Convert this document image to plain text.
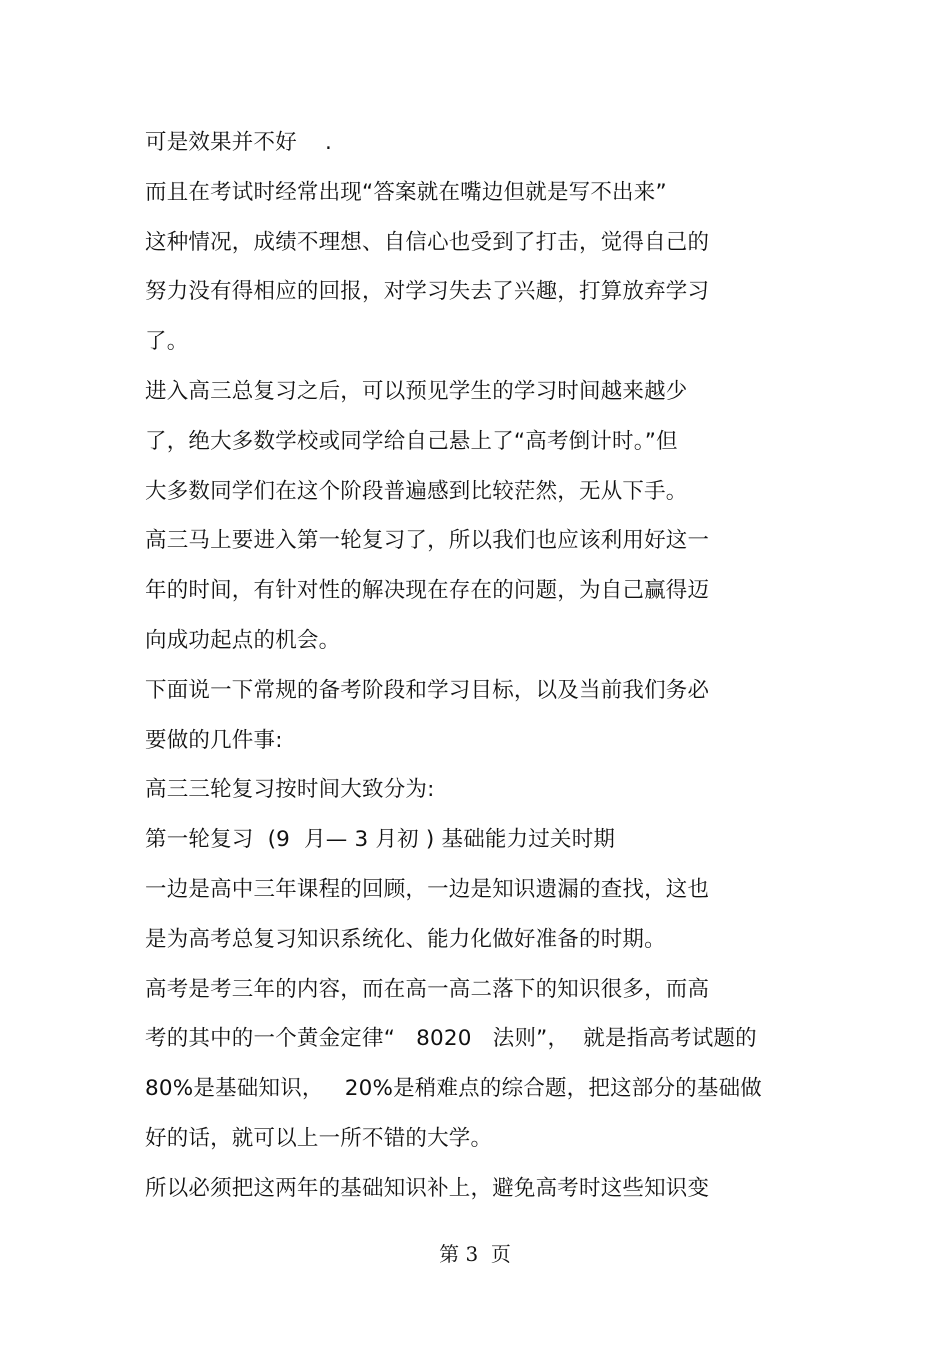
可是效果并不好    .
而且在考试时经常出现“答案就在嘴边但就是写不出来”
这种情况，成绩不理想、自信心也受到了打击，觉得自己的
努力没有得相应的回报，对学习失去了兴趣，打算放弃学习
了。
进入高三总复习之后，可以预见学生的学习时间越来越少
了，绝大多数学校或同学给自己悬上了“高考倒计时。”但
大多数同学们在这个阶段普遍感到比较茫然，无从下手。
高三马上要进入第一轮复习了，所以我们也应该利用好这一
年的时间，有针对性的解决现在存在的问题，为自己赢得迈
向成功起点的机会。
下面说一下常规的备考阶段和学习目标，以及当前我们务必
要做的几件事:
高三三轮复习按时间大致分为:
第一轮复习  (9  月— 3 月初 ) 基础能力过关时期
一边是高中三年课程的回顾，一边是知识遗漏的查找，这也
是为高考总复习知识系统化、能力化做好准备的时期。
高考是考三年的内容，而在高一高二落下的知识很多，而高
考的其中的一个黄金定律“   8020   法则”，  就是指高考试题的
80%是基础知识，   20%是稍难点的综合题，把这部分的基础做
好的话，就可以上一所不错的大学。
所以必须把这两年的基础知识补上，避免高考时这些知识变
第 3  页
